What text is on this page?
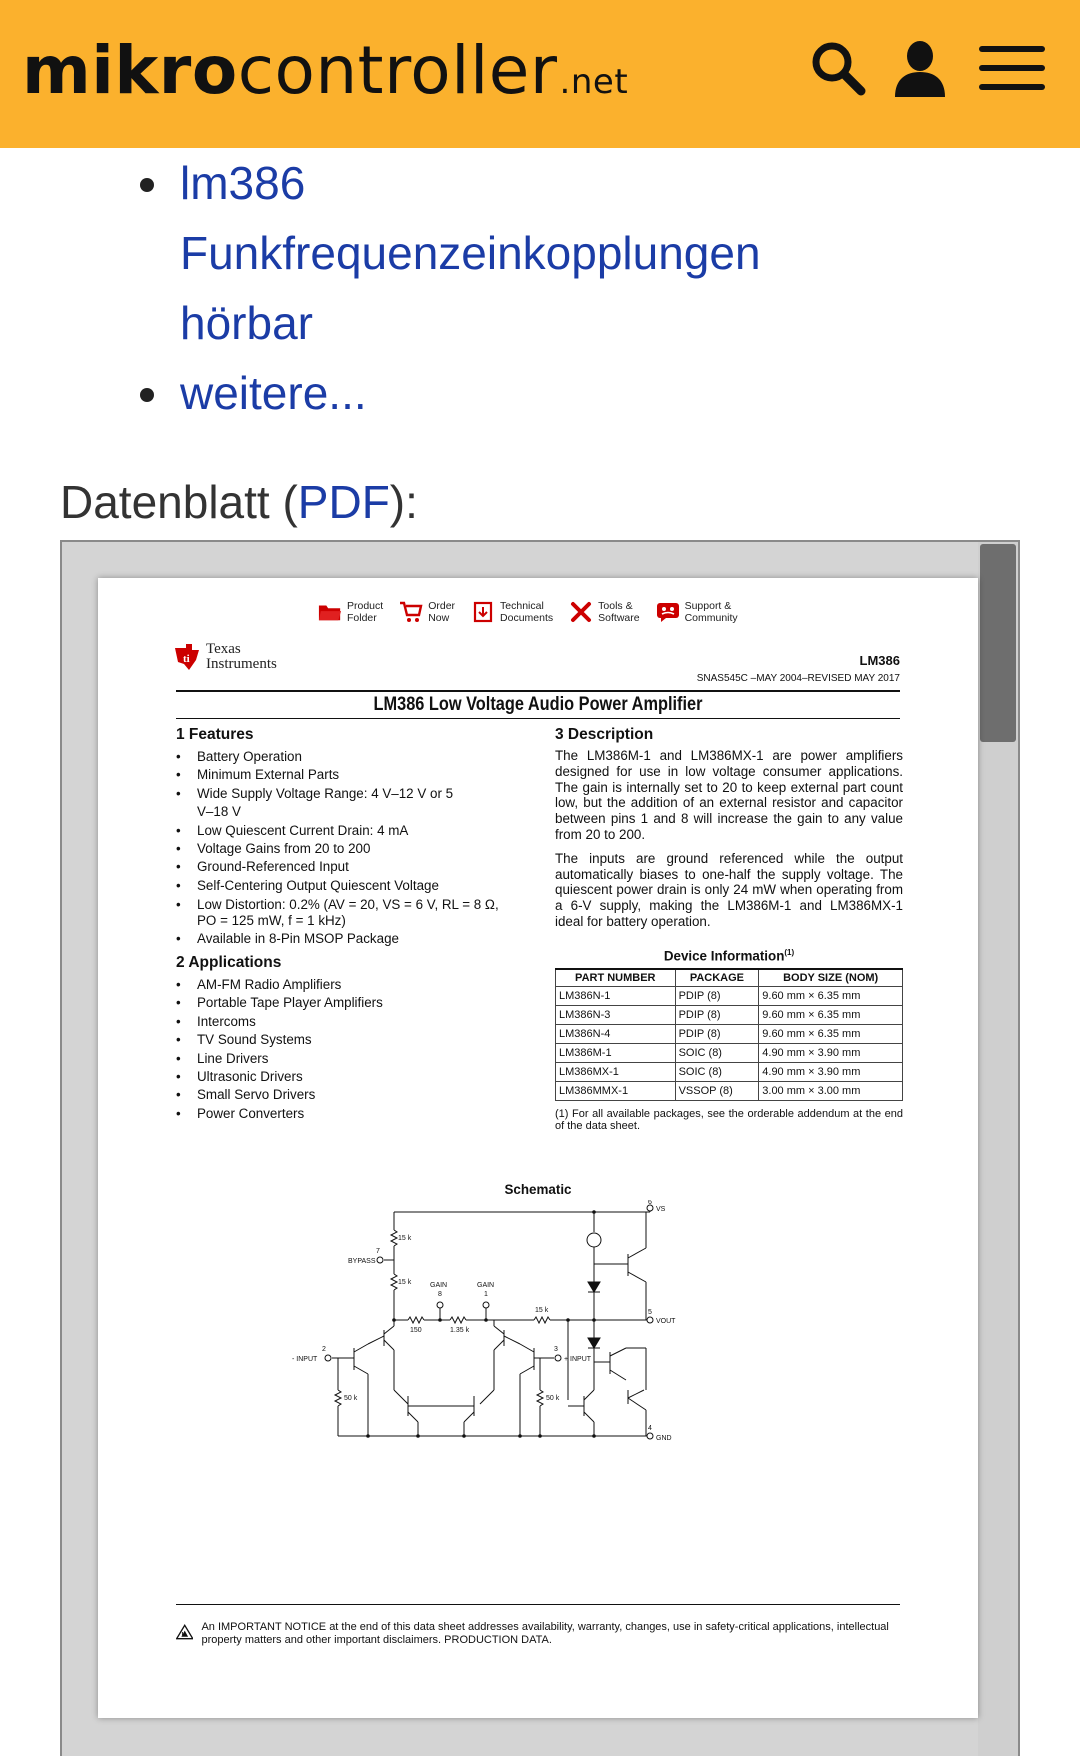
mikro controller .net
lm386
Funkfrequenzeinkopplungen
hörbar
weitere...
Datenblatt (PDF):
Product
Folder
Order
Now
Technical
Documents
Tools &
Software
Support &
Community
ti
Texas
Instruments	LM386
SNAS545C –MAY 2004–REVISED MAY 2017
LM386 Low Voltage Audio Power Amplifier
1 Features
• Battery Operation
• Minimum External Parts
• Wide Supply Voltage Range: 4 V–12 V or 5 V–18 V
• Low Quiescent Current Drain: 4 mA
• Voltage Gains from 20 to 200
• Ground-Referenced Input
• Self-Centering Output Quiescent Voltage
• Low Distortion: 0.2% (AV = 20, VS = 6 V, RL = 8 Ω, PO = 125 mW, f = 1 kHz)
• Available in 8-Pin MSOP Package
2 Applications
• AM-FM Radio Amplifiers
• Portable Tape Player Amplifiers
• Intercoms
• TV Sound Systems
• Line Drivers
• Ultrasonic Drivers
• Small Servo Drivers
• Power Converters
3 Description

The LM386M-1 and LM386MX-1 are power amplifiers designed for use in low voltage consumer applications. The gain is internally set to 20 to keep external part count low, but the addition of an external resistor and capacitor between pins 1 and 8 will increase the gain to any value from 20 to 200.

The inputs are ground referenced while the output automatically biases to one-half the supply voltage. The quiescent power drain is only 24 mW when operating from a 6-V supply, making the LM386M-1 and LM386MX-1 ideal for battery operation.

Device Information$^{(1)}$
PART NUMBER	PACKAGE	BODY SIZE (NOM)
LM386N-1	PDIP (8)	9.60 mm × 6.35 mm
LM386N-3	PDIP (8)	9.60 mm × 6.35 mm
LM386N-4	PDIP (8)	9.60 mm × 6.35 mm
LM386M-1	SOIC (8)	4.90 mm × 3.90 mm
LM386MX-1	SOIC (8)	4.90 mm × 3.90 mm
LM386MMX-1	VSSOP (8)	3.00 mm × 3.00 mm
(1) For all available packages, see the orderable addendum at the end of the data sheet.
Schematic
15 k
BYPASS
7
15 k	GAIN
8
GAIN
1
15 k
150	1.35 k
- INPUT
2
+ INPUT
3
50 k	50 k
6
VS
5
VOUT
4
GND
An IMPORTANT NOTICE at the end of this data sheet addresses availability, warranty, changes, use in safety-critical applications, intellectual property matters and other important disclaimers. PRODUCTION DATA.
